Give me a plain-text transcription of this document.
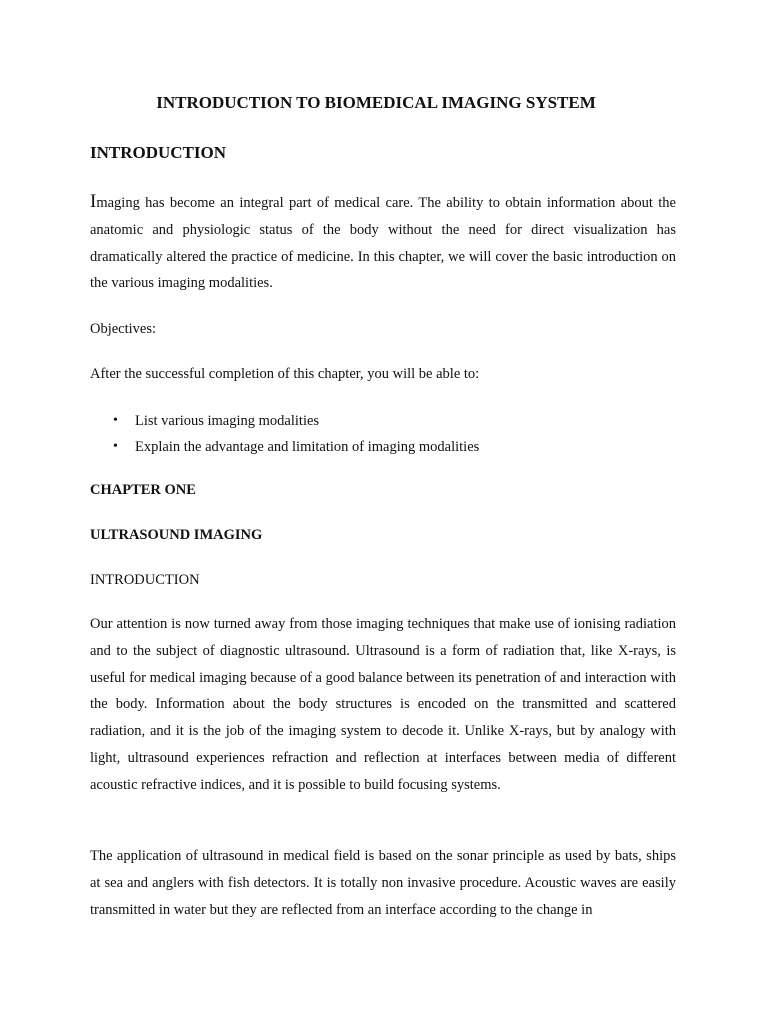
INTRODUCTION TO BIOMEDICAL IMAGING SYSTEM
INTRODUCTION

Imaging has become an integral part of medical care. The ability to obtain information about the anatomic and physiologic status of the body without the need for direct visualization has dramatically altered the practice of medicine. In this chapter, we will cover the basic introduction on the various imaging modalities.

Objectives:

After the successful completion of this chapter, you will be able to:

• List various imaging modalities
• Explain the advantage and limitation of imaging modalities

CHAPTER ONE

ULTRASOUND IMAGING

INTRODUCTION

Our attention is now turned away from those imaging techniques that make use of ionising radiation and to the subject of diagnostic ultrasound. Ultrasound is a form of radiation that, like X-rays, is useful for medical imaging because of a good balance between its penetration of and interaction with the body. Information about the body structures is encoded on the transmitted and scattered radiation, and it is the job of the imaging system to decode it. Unlike X-rays, but by analogy with light, ultrasound experiences refraction and reflection at interfaces between media of different acoustic refractive indices, and it is possible to build focusing systems.

The application of ultrasound in medical field is based on the sonar principle as used by bats, ships at sea and anglers with fish detectors. It is totally non invasive procedure. Acoustic waves are easily transmitted in water but they are reflected from an interface according to the change in
